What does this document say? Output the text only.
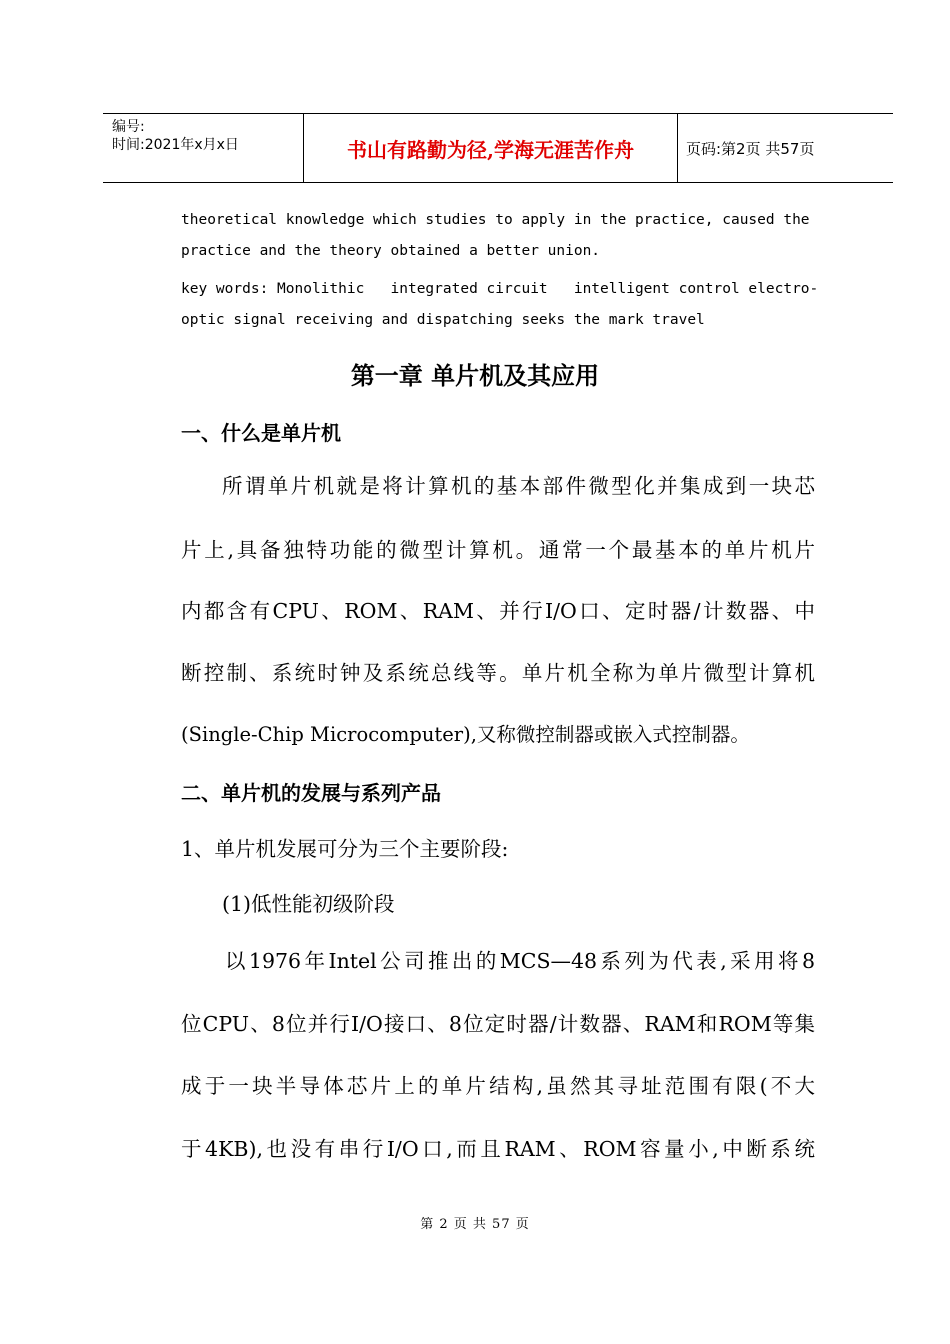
编号:
时间:2021年x月x日	书山有路勤为径,学海无涯苦作舟	页码:第2页 共57页
theoretical knowledge which studies to apply in the practice, caused the
practice and the theory obtained a better union.
key words: Monolithic   integrated circuit   intelligent control electro-
optic signal receiving and dispatching seeks the mark travel
第一章 单片机及其应用
一、什么是单片机
所谓单片机就是将计算机的基本部件微型化并集成到一块芯
片上,具备独特功能的微型计算机。通常一个最基本的单片机片
内都含有CPU、ROM、RAM、并行I/O口、定时器/计数器、中
断控制、系统时钟及系统总线等。单片机全称为单片微型计算机
(Single-Chip Microcomputer),又称微控制器或嵌入式控制器。
二、单片机的发展与系列产品
1、单片机发展可分为三个主要阶段:
(1)低性能初级阶段
以1976年Intel公司推出的MCS—48系列为代表,采用将8
位CPU、8位并行I/O接口、8位定时器/计数器、RAM和ROM等集
成于一块半导体芯片上的单片结构,虽然其寻址范围有限(不大
于4KB),也没有串行I/O口,而且RAM、ROM容量小,中断系统
第 2 页 共 57 页
